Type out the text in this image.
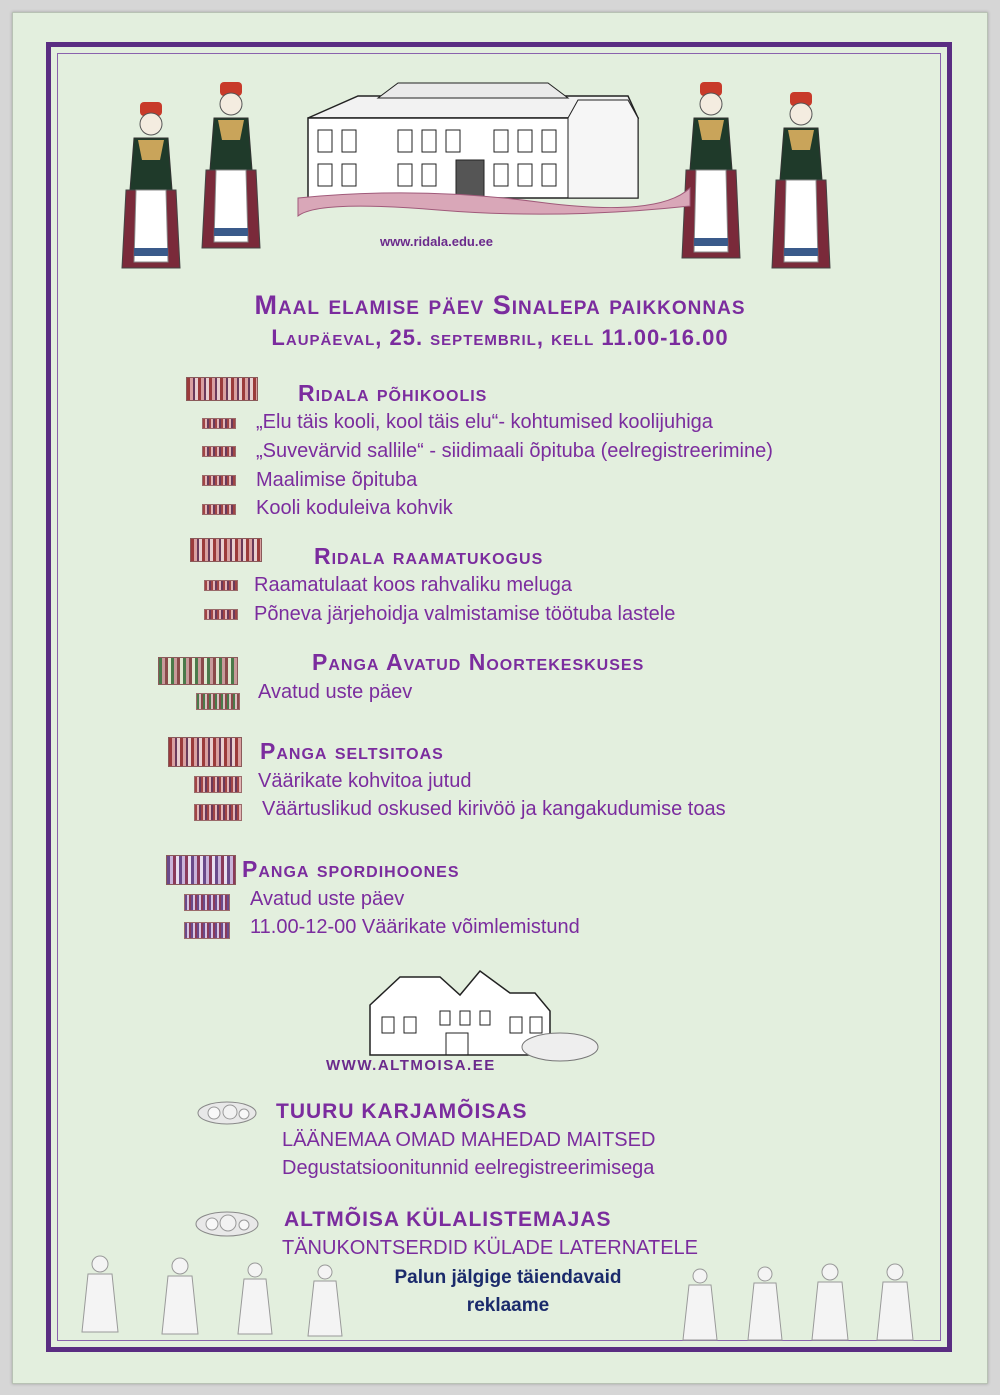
www.ridala.edu.ee
Maal elamise päev Sinalepa paikkonnas
Laupäeval, 25. septembril, kell 11.00-16.00
Ridala põhikoolis
„Elu täis kooli, kool täis elu“- kohtumised koolijuhiga
„Suvevärvid sallile“ - siidimaali õpituba (eelregistreerimine)
Maalimise õpituba
Kooli koduleiva kohvik
Ridala raamatukogus
Raamatulaat koos rahvaliku meluga
Põneva järjehoidja valmistamise töötuba lastele
Panga Avatud Noortekeskuses
Avatud uste päev
Panga seltsitoas
Väärikate kohvitoa jutud
Väärtuslikud oskused kirivöö ja kangakudumise toas
Panga spordihoones
Avatud uste päev
11.00-12-00 Väärikate võimlemistund
WWW.ALTMOISA.EE
TUURU KARJAMÕISAS
LÄÄNEMAA OMAD MAHEDAD MAITSED
Degustatsioonitunnid eelregistreerimisega
ALTMÕISA KÜLALISTEMAJAS
TÄNUKONTSERDID KÜLADE LATERNATELE
Palun jälgige täiendavaid
reklaame
